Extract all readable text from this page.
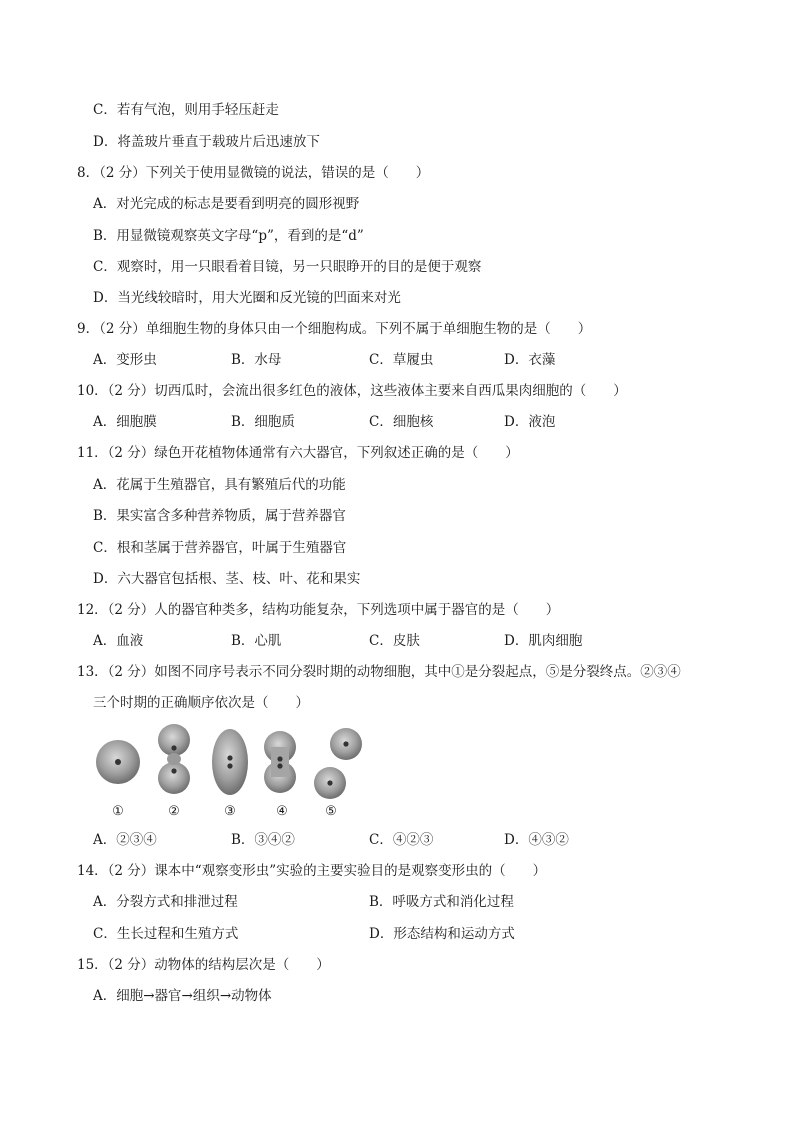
C．若有气泡，则用手轻压赶走
D．将盖玻片垂直于载玻片后迅速放下
8．（2 分）下列关于使用显微镜的说法，错误的是（　　）
A．对光完成的标志是要看到明亮的圆形视野
B．用显微镜观察英文字母“p”，看到的是“d”
C．观察时，用一只眼看着目镜，另一只眼睁开的目的是便于观察
D．当光线较暗时，用大光圈和反光镜的凹面来对光
9．（2 分）单细胞生物的身体只由一个细胞构成。下列不属于单细胞生物的是（　　）
A．变形虫	B．水母	C．草履虫	D．衣藻
10．（2 分）切西瓜时，会流出很多红色的液体，这些液体主要来自西瓜果肉细胞的（　　）
A．细胞膜	B．细胞质	C．细胞核	D．液泡
11．（2 分）绿色开花植物体通常有六大器官，下列叙述正确的是（　　）
A．花属于生殖器官，具有繁殖后代的功能
B．果实富含多种营养物质，属于营养器官
C．根和茎属于营养器官，叶属于生殖器官
D．六大器官包括根、茎、枝、叶、花和果实
12．（2 分）人的器官种类多，结构功能复杂，下列选项中属于器官的是（　　）
A．血液	B．心肌	C．皮肤	D．肌肉细胞
13．（2 分）如图不同序号表示不同分裂时期的动物细胞，其中①是分裂起点，⑤是分裂终点。②③④
三个时期的正确顺序依次是（　　）
①	②	③	④	⑤
A．②③④	B．③④②	C．④②③	D．④③②
14．（2 分）课本中“观察变形虫”实验的主要实验目的是观察变形虫的（　　）
A．分裂方式和排泄过程	B．呼吸方式和消化过程
C．生长过程和生殖方式	D．形态结构和运动方式
15．（2 分）动物体的结构层次是（　　）
A．细胞→器官→组织→动物体
